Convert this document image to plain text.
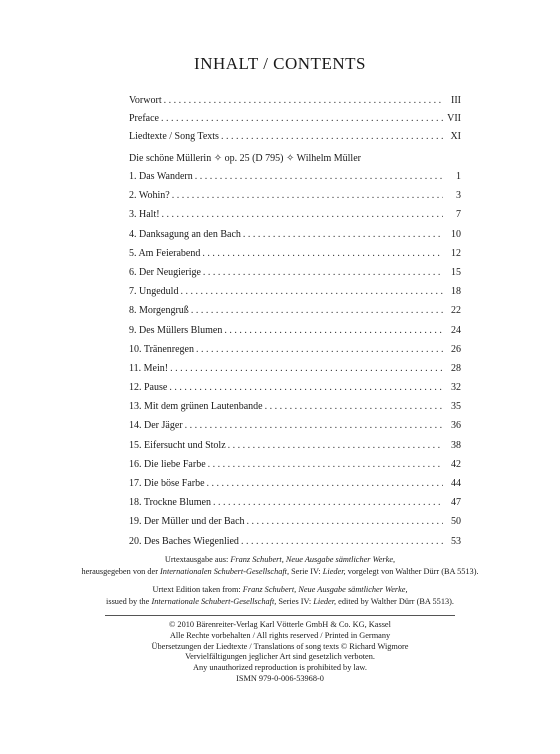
INHALT / CONTENTS
Vorwort . . .	III
Preface . . .	VII
Liedtexte / Song Texts . . .	XI
Die schöne Müllerin ✧ op. 25 (D 795) ✧ Wilhelm Müller
1. Das Wandern . . .	1
2. Wohin? . . .	3
3. Halt! . . .	7
4. Danksagung an den Bach . . .	10
5. Am Feierabend . . .	12
6. Der Neugierige . . .	15
7. Ungeduld . . .	18
8. Morgengruß . . .	22
9. Des Müllers Blumen . . .	24
10. Tränenregen . . .	26
11. Mein! . . .	28
12. Pause . . .	32
13. Mit dem grünen Lautenbande . . .	35
14. Der Jäger . . .	36
15. Eifersucht und Stolz . . .	38
16. Die liebe Farbe . . .	42
17. Die böse Farbe . . .	44
18. Trockne Blumen . . .	47
19. Der Müller und der Bach . . .	50
20. Des Baches Wiegenlied . . .	53
Urtextausgabe aus: Franz Schubert, Neue Ausgabe sämtlicher Werke,
herausgegeben von der Internationalen Schubert-Gesellschaft, Serie IV: Lieder, vorgelegt von Walther Dürr (BA 5513).
Urtext Edition taken from: Franz Schubert, Neue Ausgabe sämtlicher Werke,
issued by the Internationale Schubert-Gesellschaft, Series IV: Lieder, edited by Walther Dürr (BA 5513).
© 2010 Bärenreiter-Verlag Karl Vötterle GmbH & Co. KG, Kassel
Alle Rechte vorbehalten / All rights reserved / Printed in Germany
Übersetzungen der Liedtexte / Translations of song texts © Richard Wigmore
Vervielfältigungen jeglicher Art sind gesetzlich verboten.
Any unauthorized reproduction is prohibited by law.
ISMN 979-0-006-53968-0
